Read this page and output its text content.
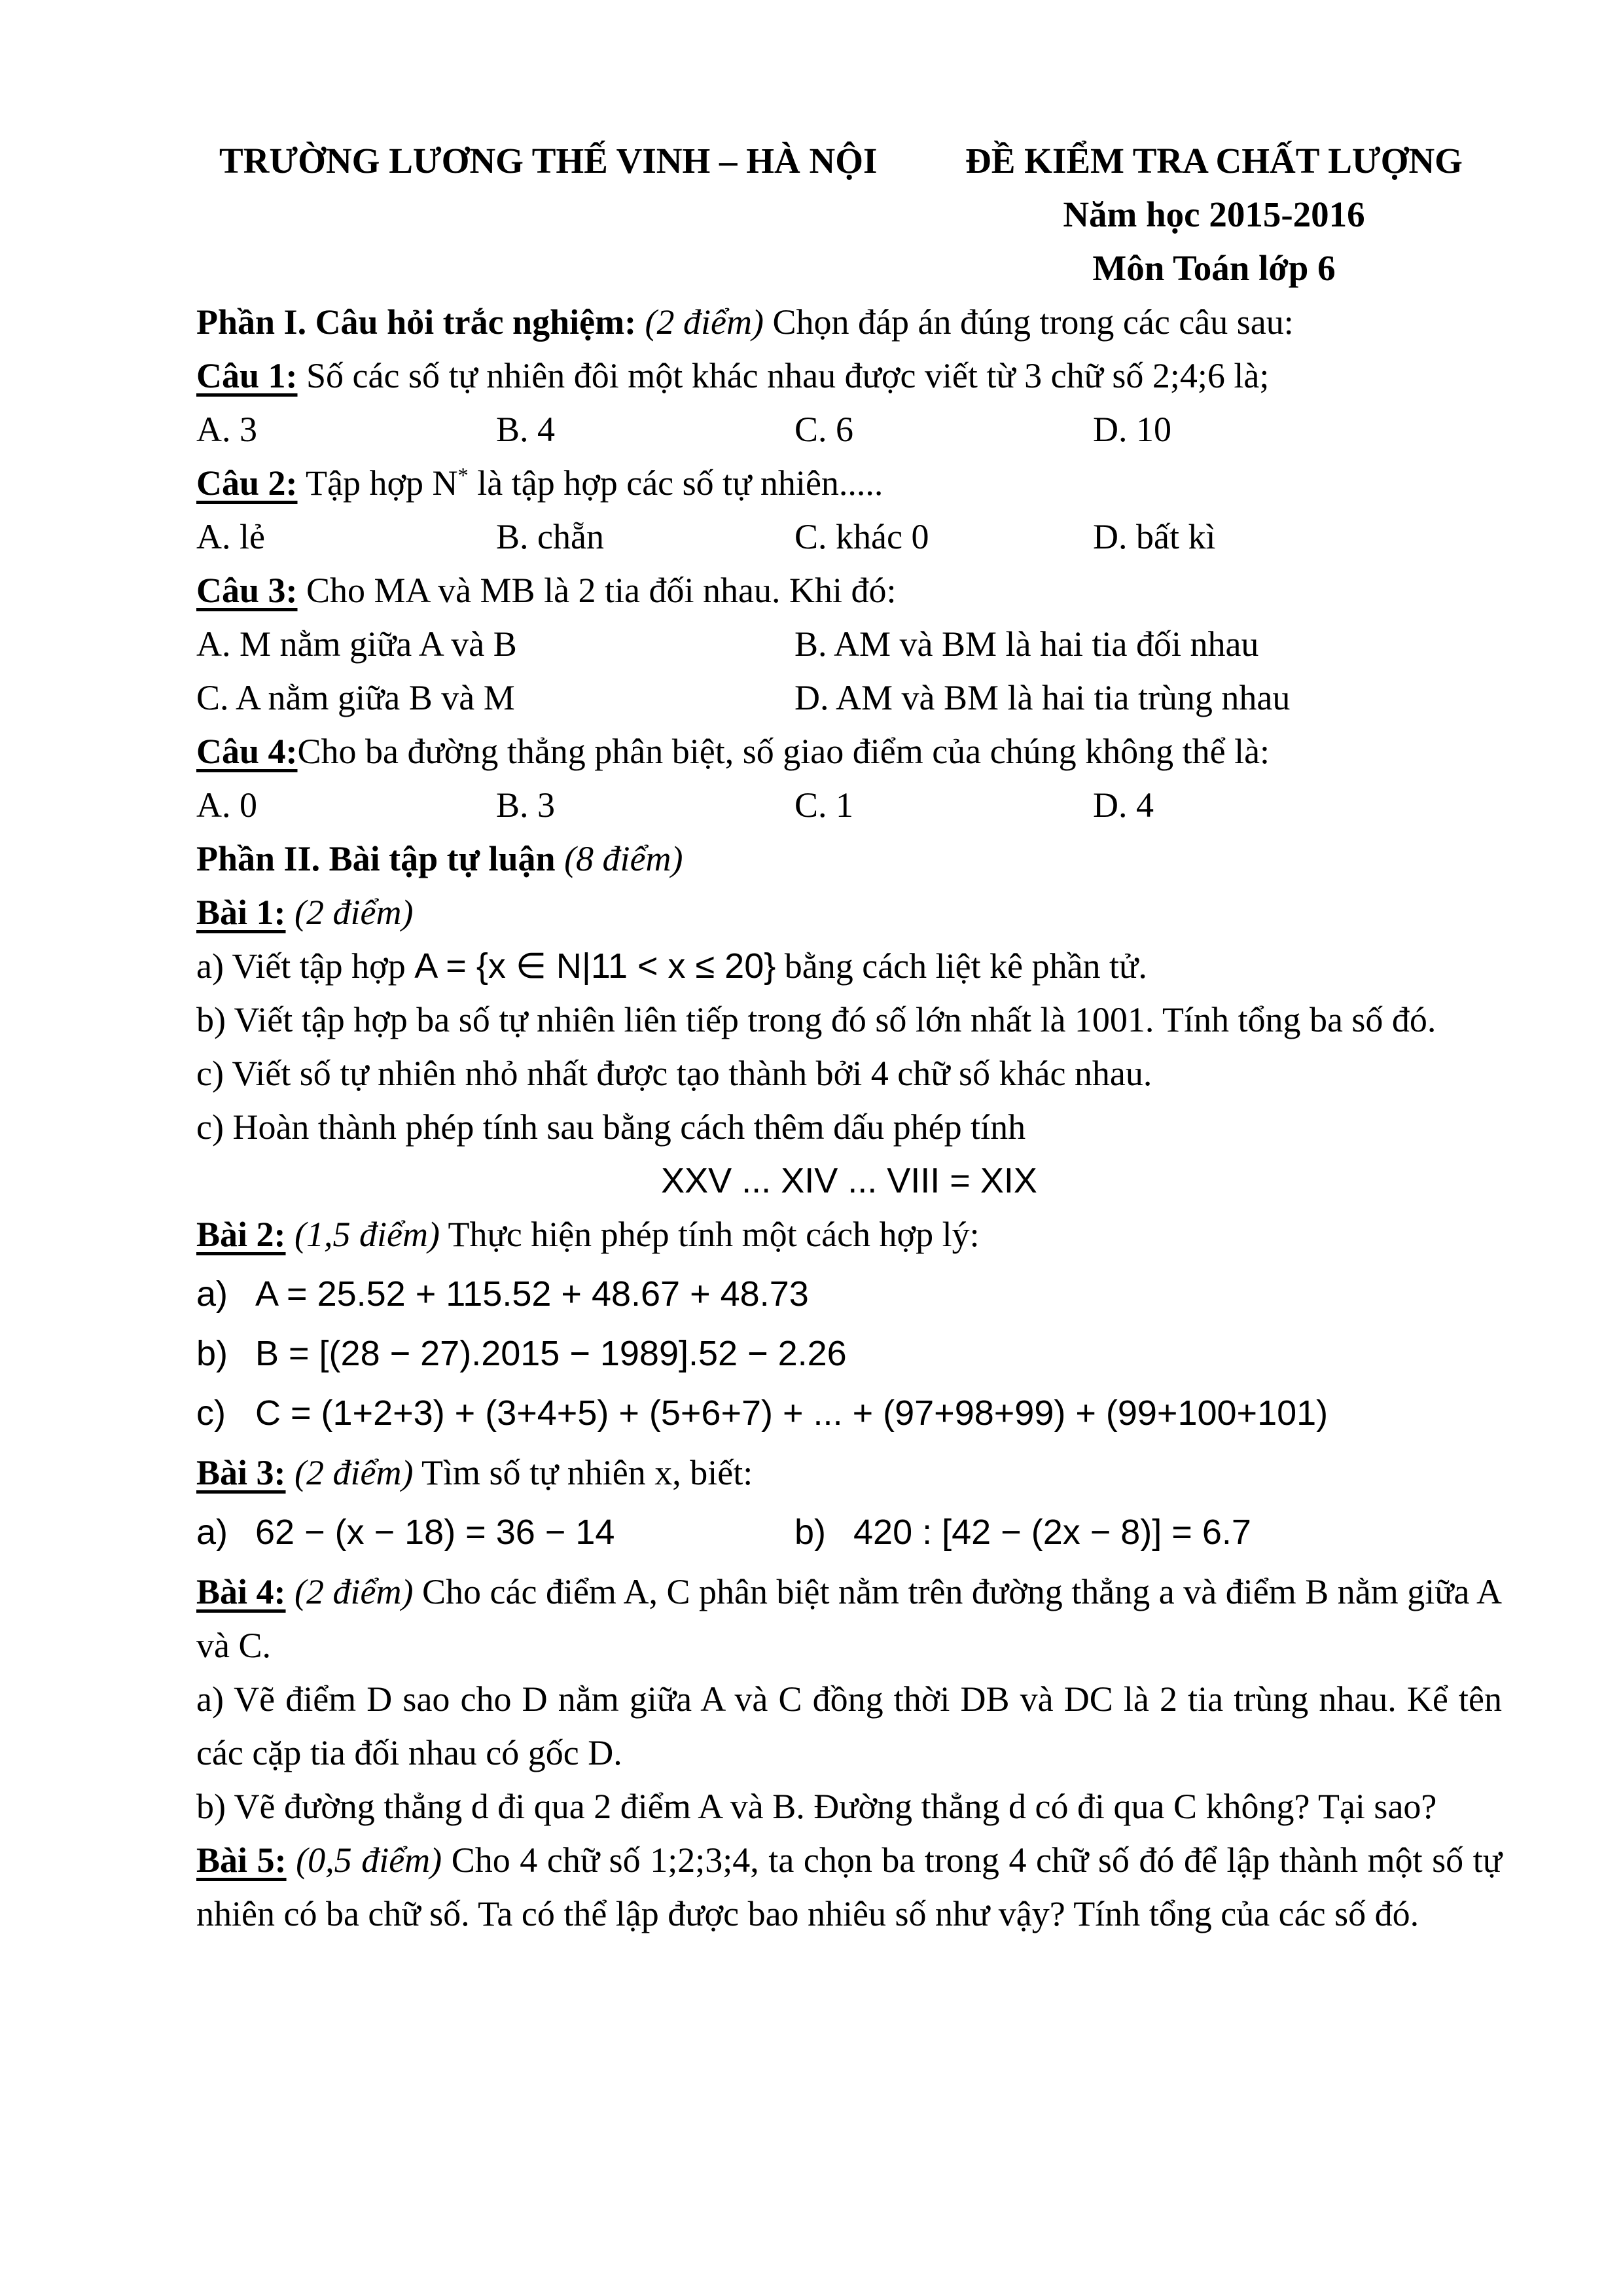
TRƯỜNG LƯƠNG THẾ VINH – HÀ NỘI	ĐỀ KIỂM TRA CHẤT LƯỢNG
Năm học 2015-2016
Môn Toán lớp 6

Phần I. Câu hỏi trắc nghiệm: (2 điểm) Chọn đáp án đúng trong các câu sau:

Câu 1: Số các số tự nhiên đôi một khác nhau được viết từ 3 chữ số 2;4;6 là;

A. 3	B. 4	C. 6	D. 10

Câu 2: Tập hợp N* là tập hợp các số tự nhiên.....

A. lẻ	B. chẵn	C. khác 0	D. bất kì

Câu 3: Cho MA và MB là 2 tia đối nhau. Khi đó:

A. M nằm giữa A và B	B. AM và BM là hai tia đối nhau
C. A nằm giữa B và M	D. AM và BM là hai tia trùng nhau

Câu 4:Cho ba đường thẳng phân biệt, số giao điểm của chúng không thể là:

A. 0	B. 3	C. 1	D. 4

Phần II. Bài tập tự luận (8 điểm)

Bài 1: (2 điểm)

a) Viết tập hợp A = {x ∈ N|11 < x ≤ 20} bằng cách liệt kê phần tử.

b) Viết tập hợp ba số tự nhiên liên tiếp trong đó số lớn nhất là 1001. Tính tổng ba số đó.

c) Viết số tự nhiên nhỏ nhất được tạo thành bởi 4 chữ số khác nhau.

c) Hoàn thành phép tính sau bằng cách thêm dấu phép tính

XXV ... XIV ... VIII = XIX

Bài 2: (1,5 điểm) Thực hiện phép tính một cách hợp lý:

a) A = 25.52 + 115.52 + 48.67 + 48.73

b) B = [(28 − 27).2015 − 1989].52 − 2.26

c) C = (1+2+3) + (3+4+5) + (5+6+7) + ... + (97+98+99) + (99+100+101)

Bài 3: (2 điểm) Tìm số tự nhiên x, biết:

a) 62 − (x − 18) = 36 − 14	b) 420 : [42 − (2x − 8)] = 6.7

Bài 4: (2 điểm) Cho các điểm A, C phân biệt nằm trên đường thẳng a và điểm B nằm giữa A và C.

a) Vẽ điểm D sao cho D nằm giữa A và C đồng thời DB và DC là 2 tia trùng nhau. Kể tên các cặp tia đối nhau có gốc D.

b) Vẽ đường thẳng d đi qua 2 điểm A và B. Đường thẳng d có đi qua C không? Tại sao?

Bài 5: (0,5 điểm) Cho 4 chữ số 1;2;3;4, ta chọn ba trong 4 chữ số đó để lập thành một số tự nhiên có ba chữ số. Ta có thể lập được bao nhiêu số như vậy? Tính tổng của các số đó.
